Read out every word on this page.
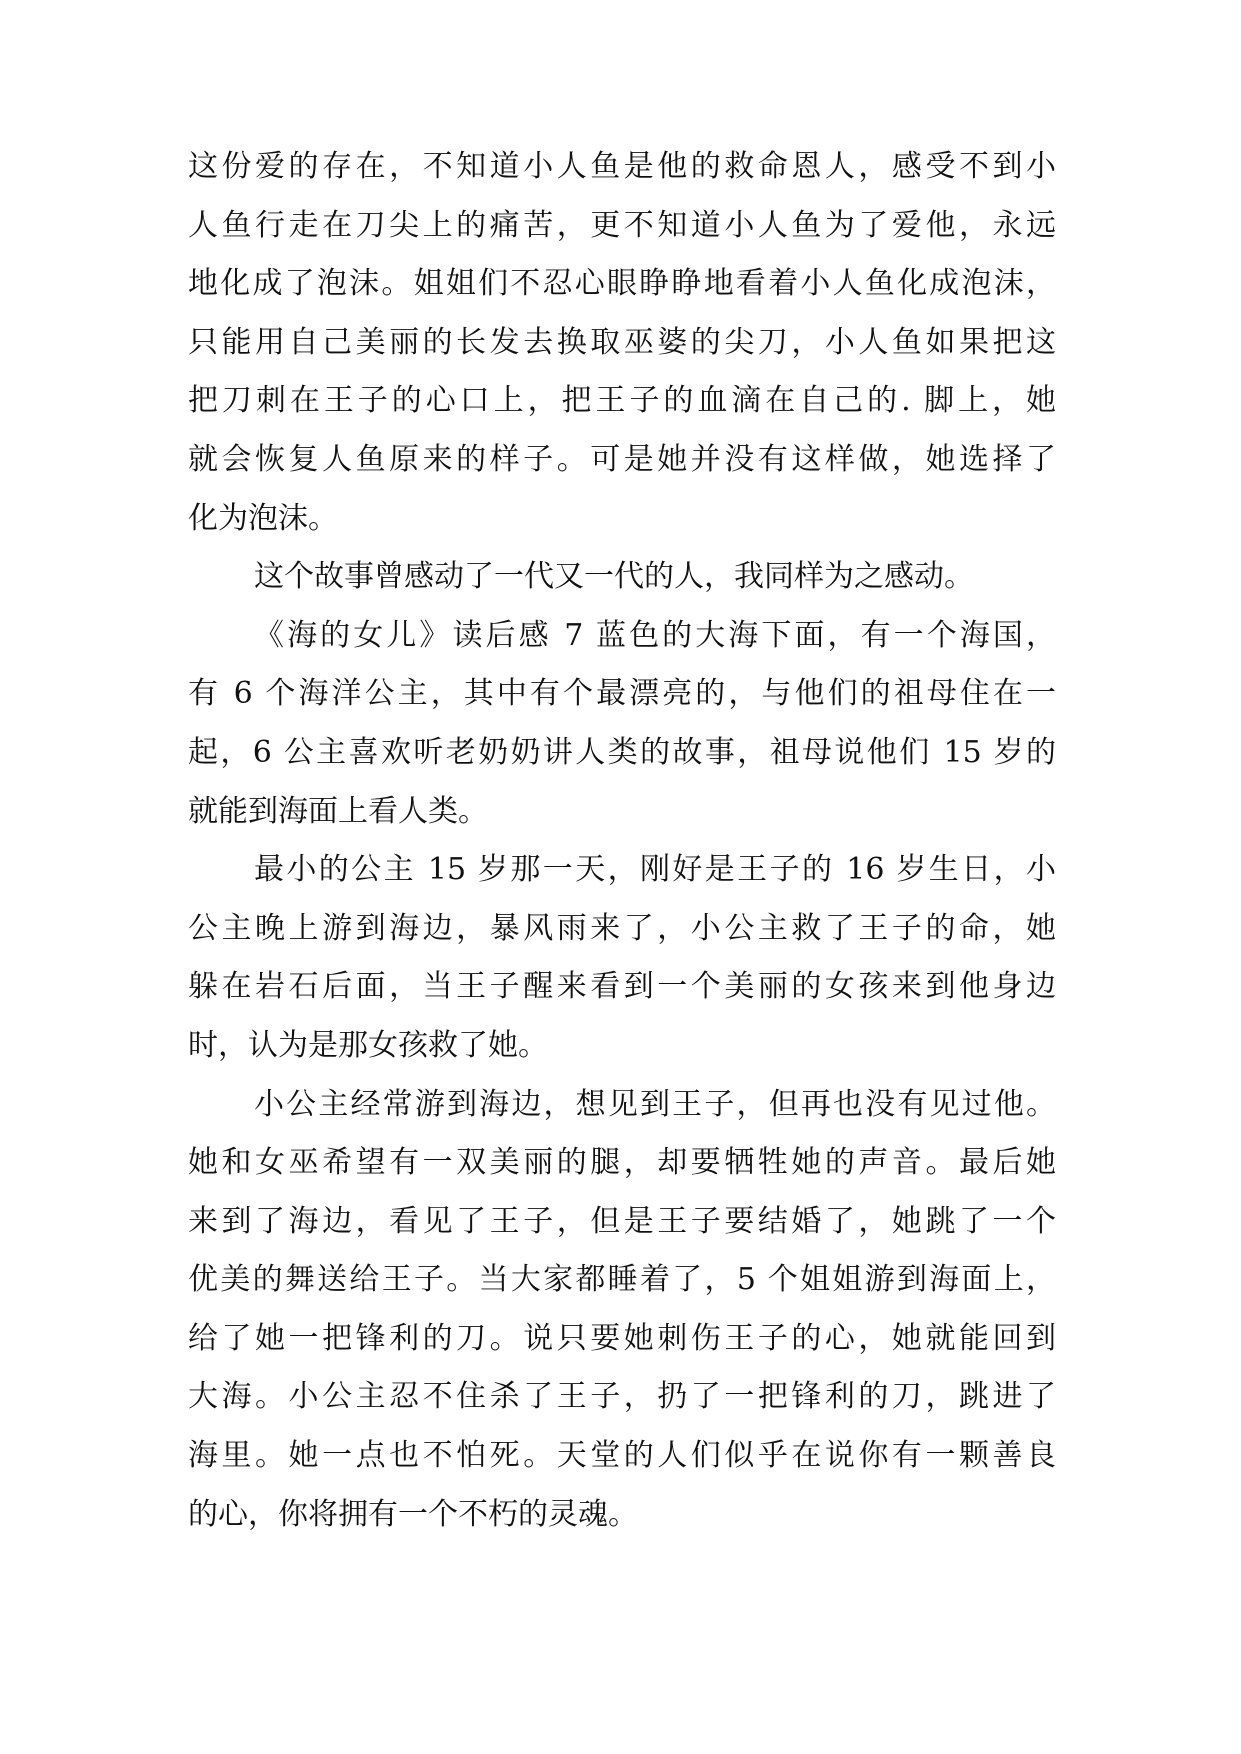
这份爱的存在，不知道小人鱼是他的救命恩人，感受不到小
人鱼行走在刀尖上的痛苦，更不知道小人鱼为了爱他，永远
地化成了泡沫。姐姐们不忍心眼睁睁地看着小人鱼化成泡沫，
只能用自己美丽的长发去换取巫婆的尖刀，小人鱼如果把这
把刀刺在王子的心口上，把王子的血滴在自己的. 脚上，她
就会恢复人鱼原来的样子。可是她并没有这样做，她选择了
化为泡沫。
这个故事曾感动了一代又一代的人，我同样为之感动。
《海的女儿》读后感 7 蓝色的大海下面，有一个海国，
有 6 个海洋公主，其中有个最漂亮的，与他们的祖母住在一
起，6 公主喜欢听老奶奶讲人类的故事，祖母说他们 15 岁的
就能到海面上看人类。
最小的公主 15 岁那一天，刚好是王子的 16 岁生日，小
公主晚上游到海边，暴风雨来了，小公主救了王子的命，她
躲在岩石后面，当王子醒来看到一个美丽的女孩来到他身边
时，认为是那女孩救了她。
小公主经常游到海边，想见到王子，但再也没有见过他。
她和女巫希望有一双美丽的腿，却要牺牲她的声音。最后她
来到了海边，看见了王子，但是王子要结婚了，她跳了一个
优美的舞送给王子。当大家都睡着了，5 个姐姐游到海面上，
给了她一把锋利的刀。说只要她刺伤王子的心，她就能回到
大海。小公主忍不住杀了王子，扔了一把锋利的刀，跳进了
海里。她一点也不怕死。天堂的人们似乎在说你有一颗善良
的心，你将拥有一个不朽的灵魂。
